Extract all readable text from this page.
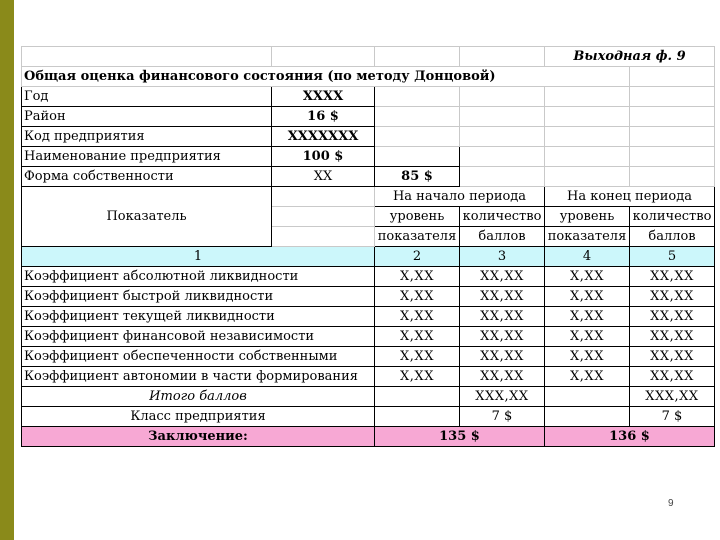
				Выходная ф. 9	
Общая оценка финансового состояния (по методу Донцовой)					
Год	XXXX				
Район	16 $				
Код предприятия	XXXXXXX				
Наименование предприятия	100 $				
Форма собственности	XX	85 $			
Показатель		На начало периода		На конец периода	
		уровень	количество	уровень	количество
		показателя	баллов	показателя	баллов
1		2	3	4	5
Коэффициент абсолютной ликвидности		X,XX	XX,XX	X,XX	XX,XX
Коэффициент быстрой ликвидности		X,XX	XX,XX	X,XX	XX,XX
Коэффициент текущей ликвидности		X,XX	XX,XX	X,XX	XX,XX
Коэффициент финансовой независимости		X,XX	XX,XX	X,XX	XX,XX
Коэффициент обеспеченности собственными		X,XX	XX,XX	X,XX	XX,XX
Коэффициент автономии в части формирования		X,XX	XX,XX	X,XX	XX,XX
Итого баллов			XXX,XX		XXX,XX
Класс предприятия			7 $		7 $
Заключение:		135 $		136 $	
9
